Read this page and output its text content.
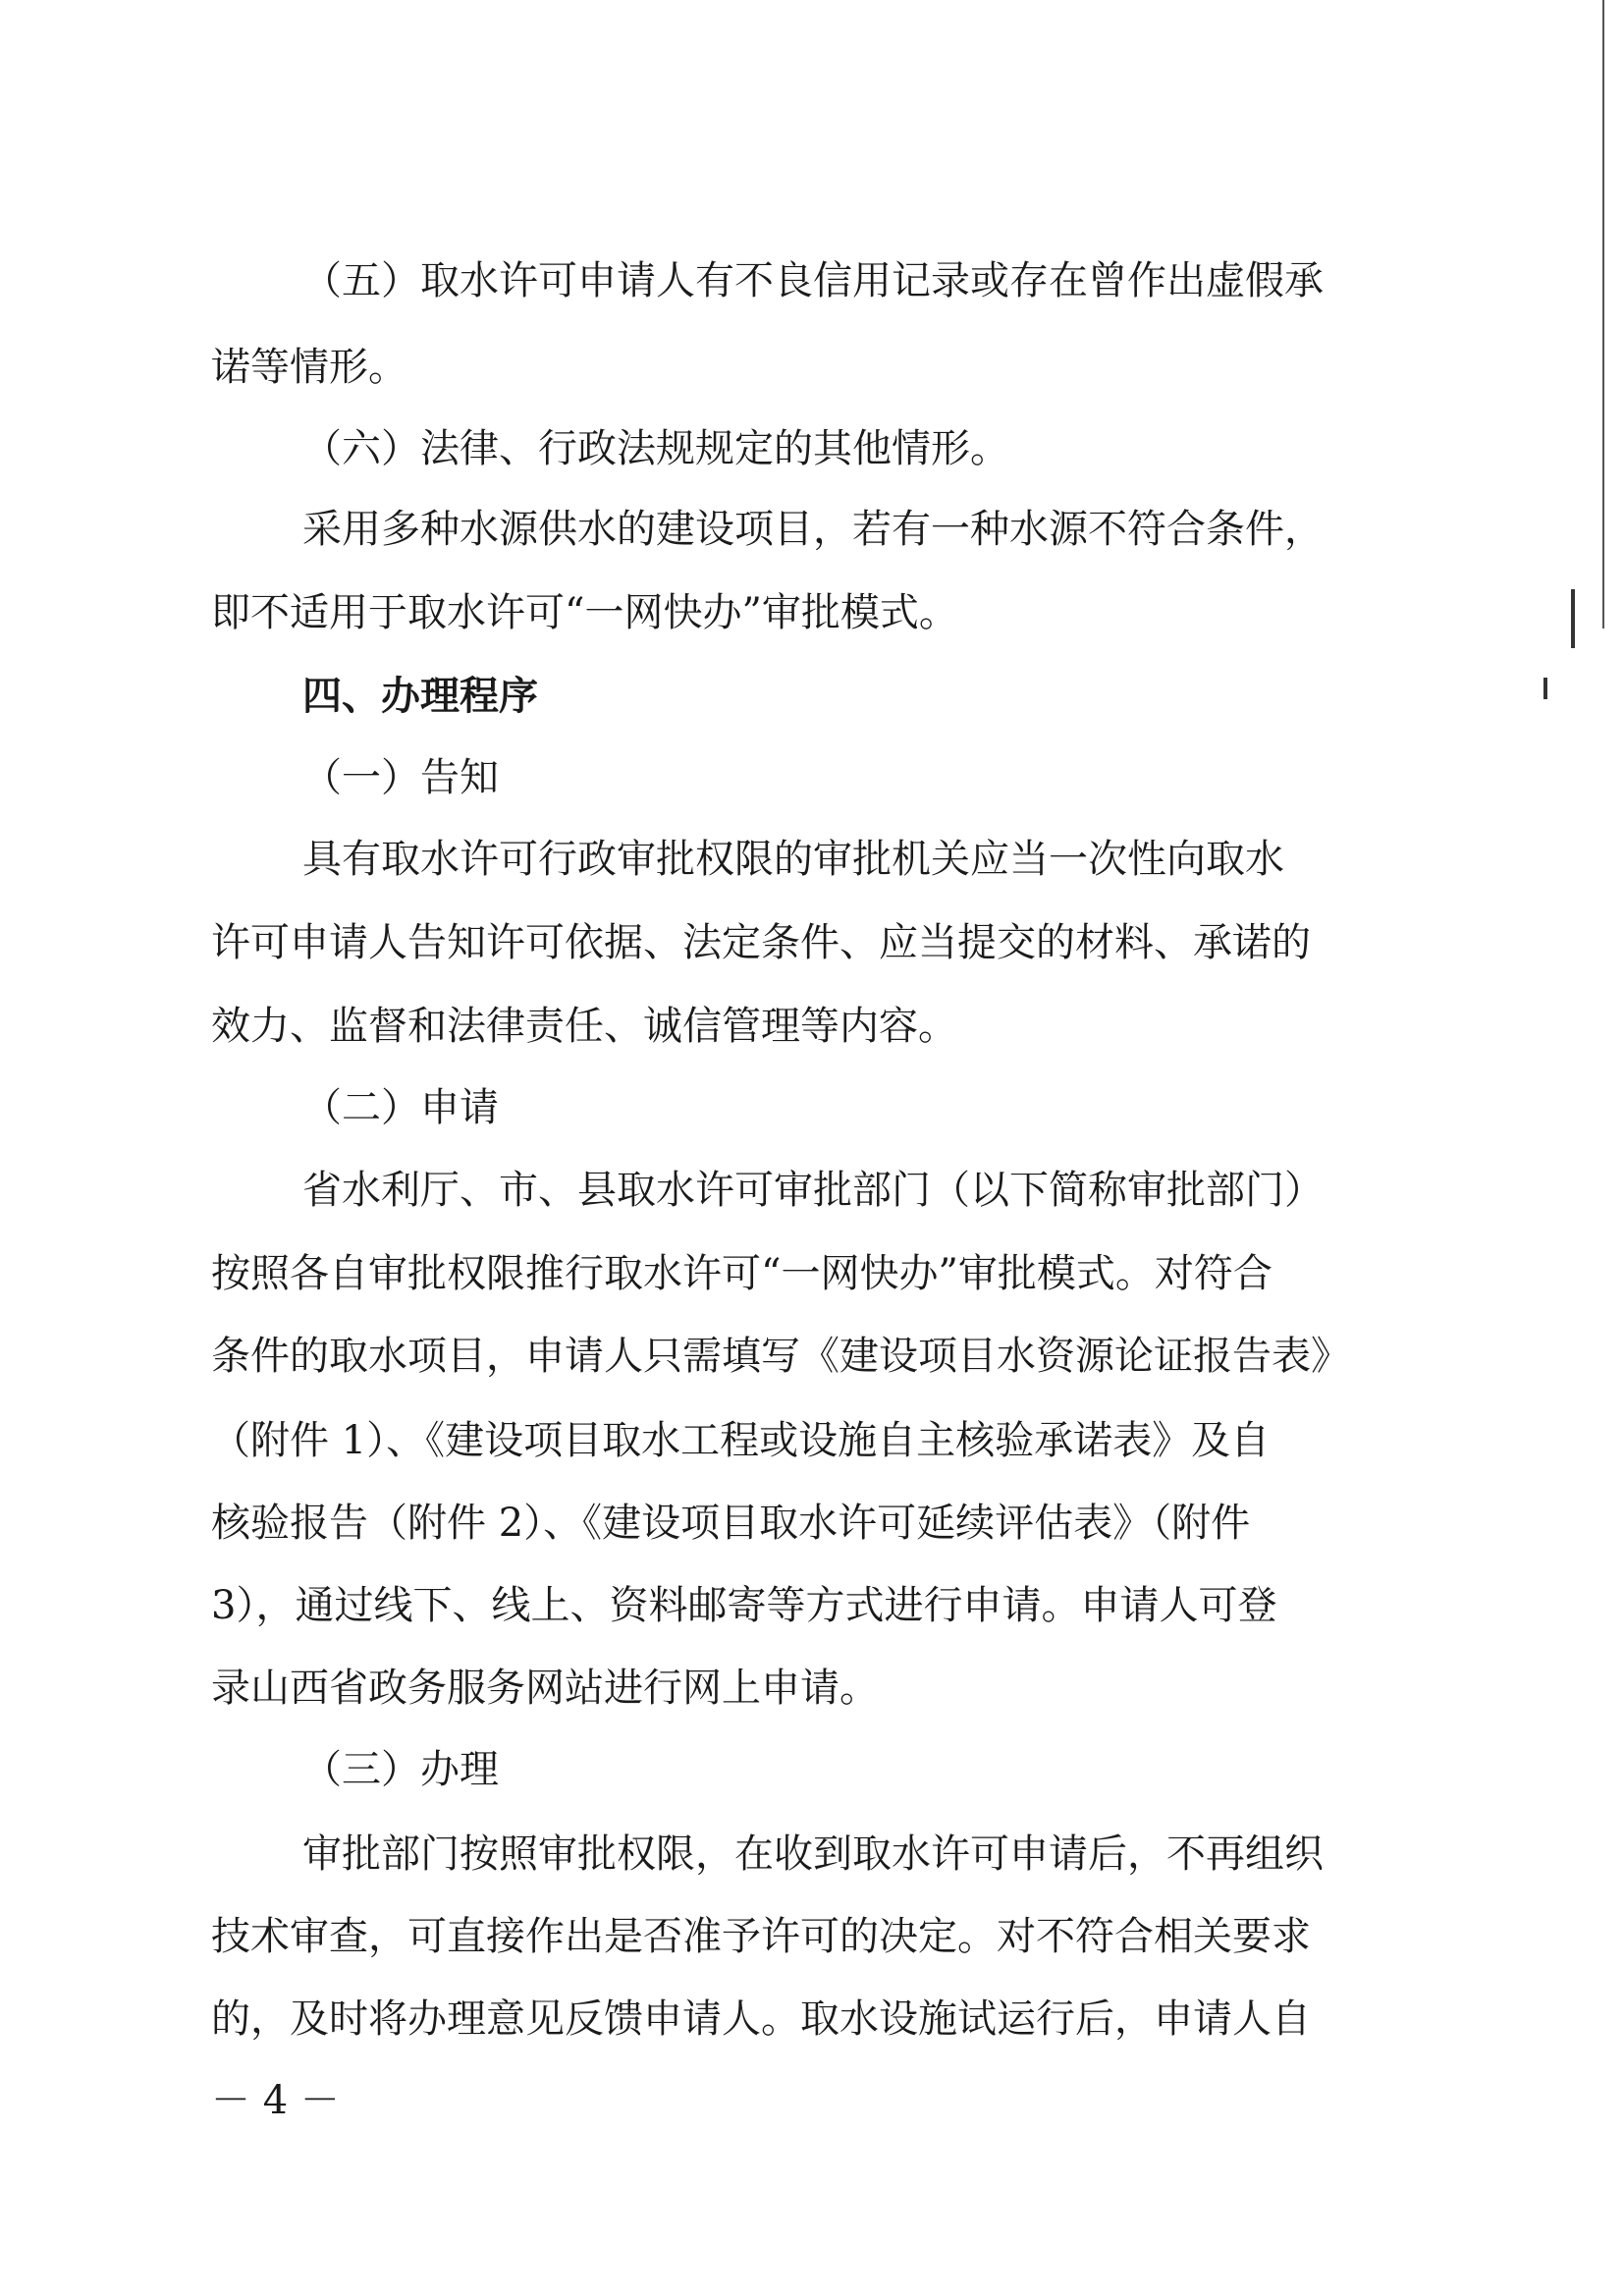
（五）取水许可申请人有不良信用记录或存在曾作出虚假承
诺等情形。
（六）法律、行政法规规定的其他情形。
采用多种水源供水的建设项目，若有一种水源不符合条件，
即不适用于取水许可“一网快办”审批模式。
四、办理程序
（一）告知
具有取水许可行政审批权限的审批机关应当一次性向取水
许可申请人告知许可依据、法定条件、应当提交的材料、承诺的
效力、监督和法律责任、诚信管理等内容。
（二）申请
省水利厅、市、县取水许可审批部门（以下简称审批部门）
按照各自审批权限推行取水许可“一网快办”审批模式。对符合
条件的取水项目，申请人只需填写《建设项目水资源论证报告表》
（附件 1）、《建设项目取水工程或设施自主核验承诺表》及自
核验报告（附件 2）、《建设项目取水许可延续评估表》（附件
3），通过线下、线上、资料邮寄等方式进行申请。申请人可登
录山西省政务服务网站进行网上申请。
（三）办理
审批部门按照审批权限，在收到取水许可申请后，不再组织
技术审查，可直接作出是否准予许可的决定。对不符合相关要求
的，及时将办理意见反馈申请人。取水设施试运行后，申请人自
－ 4 －
